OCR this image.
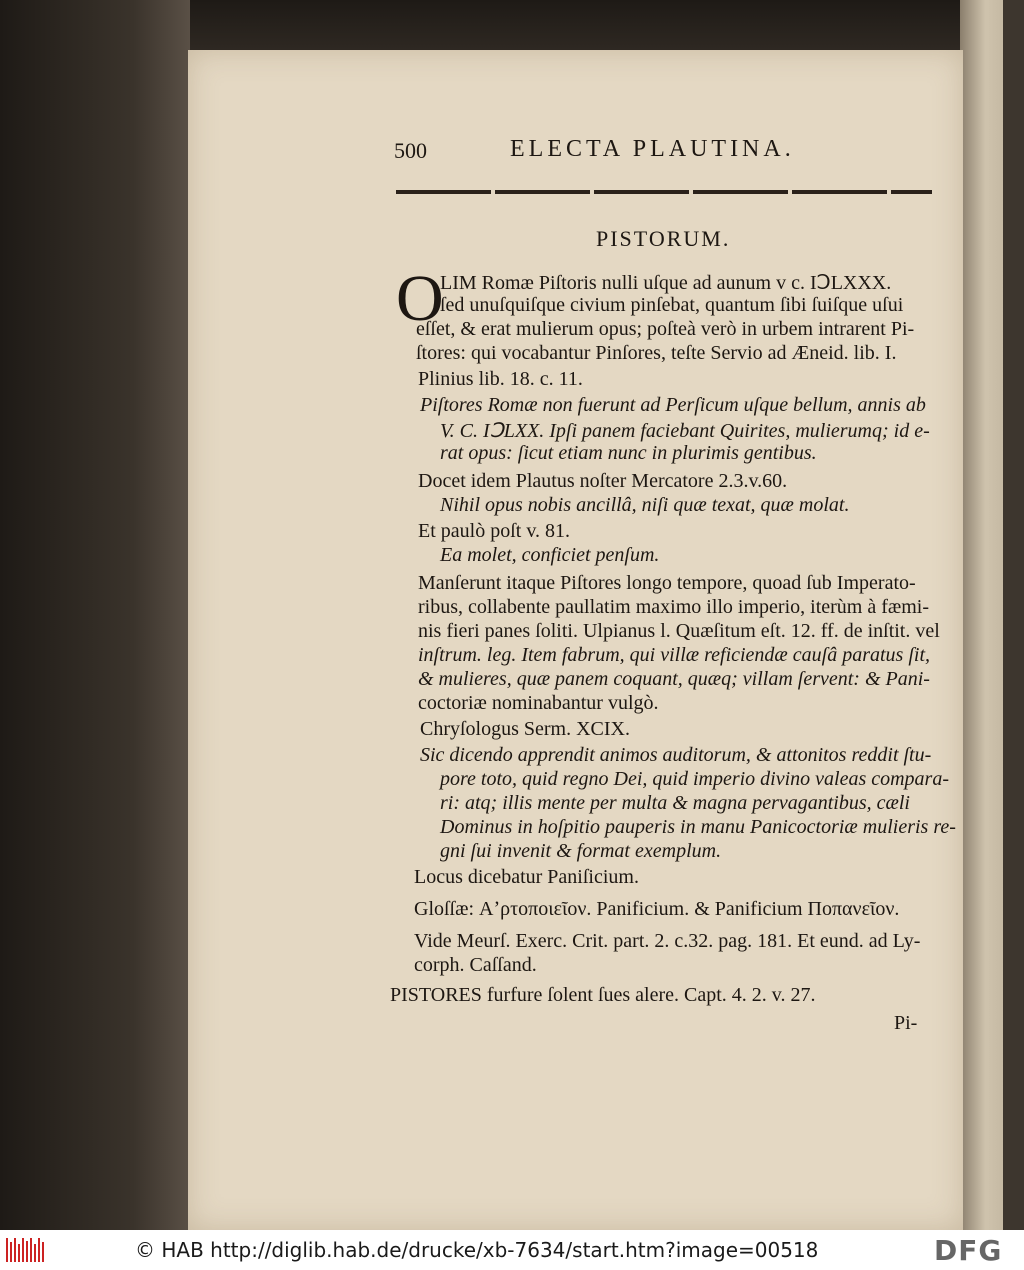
500	ELECTA PLAUTINA.
PISTORUM.
O
LIM Romæ Piſtoris nulli uſque ad aunum v c. IↃLXXX.
ſed unuſquiſque civium pinſebat, quantum ſibi ſuiſque uſui
eſſet, & erat mulierum opus; poſteà verò in urbem intrarent Pi-
ſtores: qui vocabantur Pinſores, teſte Servio ad Æneid. lib. I.
Plinius lib. 18. c. 11.
Piſtores Romæ non fuerunt ad Perſicum uſque bellum, annis ab
V. C. IↃLXX. Ipſi panem faciebant Quirites, mulierumq; id e-
rat opus: ſicut etiam nunc in plurimis gentibus.
Docet idem Plautus noſter Mercatore 2.3.v.60.
Nihil opus nobis ancillâ, niſi quæ texat, quæ molat.
Et paulò poſt v. 81.
Ea molet, conficiet penſum.
Manſerunt itaque Piſtores longo tempore, quoad ſub Imperato-
ribus, collabente paullatim maximo illo imperio, iterùm à fæmi-
nis fieri panes ſoliti. Ulpianus l. Quæſitum eſt. 12. ff. de inſtit. vel
inſtrum. leg. Item fabrum, qui villæ reficiendæ cauſâ paratus ſit,
& mulieres, quæ panem coquant, quæq; villam ſervent: & Pani-
coctoriæ nominabantur vulgò.
Chryſologus Serm. XCIX.
Sic dicendo apprendit animos auditorum, & attonitos reddit ſtu-
pore toto, quid regno Dei, quid imperio divino valeas compara-
ri: atq; illis mente per multa & magna pervagantibus, cæli
Dominus in hoſpitio pauperis in manu Panicoctoriæ mulieris re-
gni ſui invenit & format exemplum.
Locus dicebatur Paniſicium.
Gloſſæ: Αʼρτοποιεῖον. Panificium. & Panificium Ποπανεῖον.
Vide Meurſ. Exerc. Crit. part. 2. c.32. pag. 181. Et eund. ad Ly-
corph. Caſſand.
PISTORES furfure ſolent ſues alere. Capt. 4. 2. v. 27.
Pi-
© HAB http://diglib.hab.de/drucke/xb-7634/start.htm?image=00518	DFG
